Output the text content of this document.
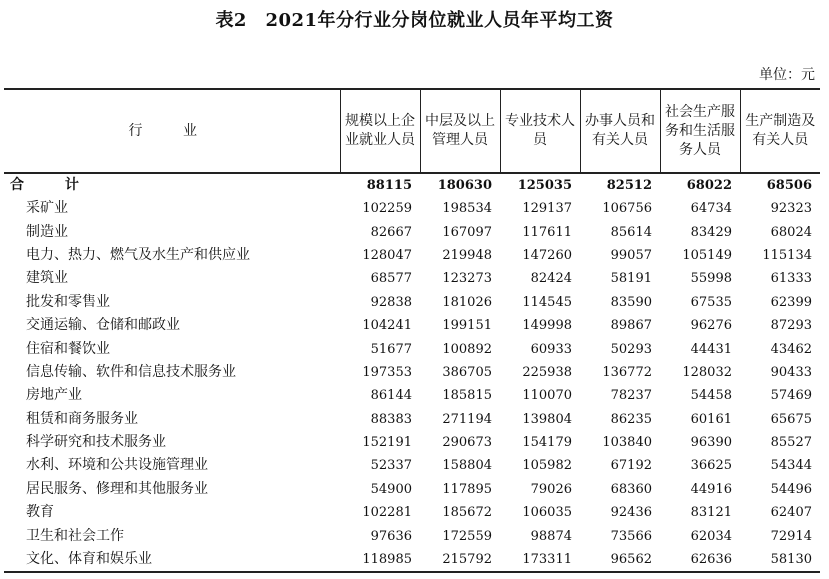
表2　2021年分行业分岗位就业人员年平均工资
单位：元
行 业	规模以上企业就业人员	中层及以上管理人员	专业技术人员	办事人员和有关人员	社会生产服务和生活服务人员	生产制造及有关人员
合 计	88115	180630	125035	82512	68022	68506
采矿业	102259	198534	129137	106756	64734	92323
制造业	82667	167097	117611	85614	83429	68024
电力、热力、燃气及水生产和供应业	128047	219948	147260	99057	105149	115134
建筑业	68577	123273	82424	58191	55998	61333
批发和零售业	92838	181026	114545	83590	67535	62399
交通运输、仓储和邮政业	104241	199151	149998	89867	96276	87293
住宿和餐饮业	51677	100892	60933	50293	44431	43462
信息传输、软件和信息技术服务业	197353	386705	225938	136772	128032	90433
房地产业	86144	185815	110070	78237	54458	57469
租赁和商务服务业	88383	271194	139804	86235	60161	65675
科学研究和技术服务业	152191	290673	154179	103840	96390	85527
水利、环境和公共设施管理业	52337	158804	105982	67192	36625	54344
居民服务、修理和其他服务业	54900	117895	79026	68360	44916	54496
教育	102281	185672	106035	92436	83121	62407
卫生和社会工作	97636	172559	98874	73566	62034	72914
文化、体育和娱乐业	118985	215792	173311	96562	62636	58130
